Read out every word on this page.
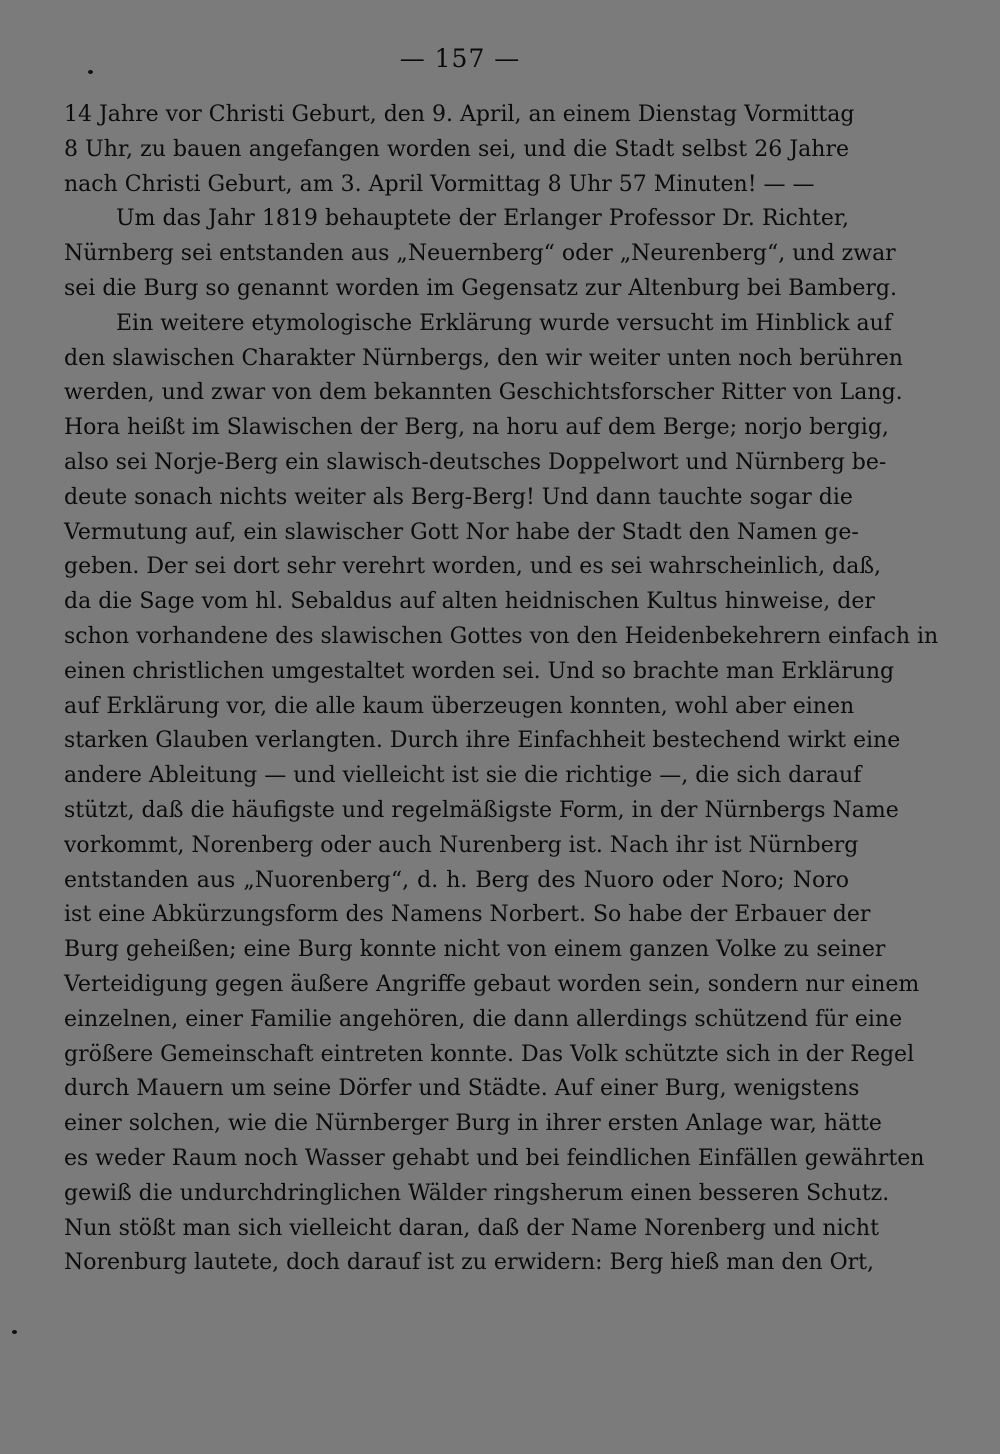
— 157 —
14 Jahre vor Christi Geburt, den 9. April, an einem Dienstag Vormittag
8 Uhr, zu bauen angefangen worden sei, und die Stadt selbst 26 Jahre
nach Christi Geburt, am 3. April Vormittag 8 Uhr 57 Minuten! — —
Um das Jahr 1819 behauptete der Erlanger Professor Dr. Richter,
Nürnberg sei entstanden aus „Neuernberg“ oder „Neurenberg“, und zwar
sei die Burg so genannt worden im Gegensatz zur Altenburg bei Bamberg.
Ein weitere etymologische Erklärung wurde versucht im Hinblick auf
den slawischen Charakter Nürnbergs, den wir weiter unten noch berühren
werden, und zwar von dem bekannten Geschichtsforscher Ritter von Lang.
Hora heißt im Slawischen der Berg, na horu auf dem Berge; norjo bergig,
also sei Norje-Berg ein slawisch-deutsches Doppelwort und Nürnberg be-
deute sonach nichts weiter als Berg-Berg! Und dann tauchte sogar die
Vermutung auf, ein slawischer Gott Nor habe der Stadt den Namen ge-
geben. Der sei dort sehr verehrt worden, und es sei wahrscheinlich, daß,
da die Sage vom hl. Sebaldus auf alten heidnischen Kultus hinweise, der
schon vorhandene des slawischen Gottes von den Heidenbekehrern einfach in
einen christlichen umgestaltet worden sei. Und so brachte man Erklärung
auf Erklärung vor, die alle kaum überzeugen konnten, wohl aber einen
starken Glauben verlangten. Durch ihre Einfachheit bestechend wirkt eine
andere Ableitung — und vielleicht ist sie die richtige —, die sich darauf
stützt, daß die häufigste und regelmäßigste Form, in der Nürnbergs Name
vorkommt, Norenberg oder auch Nurenberg ist. Nach ihr ist Nürnberg
entstanden aus „Nuorenberg“, d. h. Berg des Nuoro oder Noro; Noro
ist eine Abkürzungsform des Namens Norbert. So habe der Erbauer der
Burg geheißen; eine Burg konnte nicht von einem ganzen Volke zu seiner
Verteidigung gegen äußere Angriffe gebaut worden sein, sondern nur einem
einzelnen, einer Familie angehören, die dann allerdings schützend für eine
größere Gemeinschaft eintreten konnte. Das Volk schützte sich in der Regel
durch Mauern um seine Dörfer und Städte. Auf einer Burg, wenigstens
einer solchen, wie die Nürnberger Burg in ihrer ersten Anlage war, hätte
es weder Raum noch Wasser gehabt und bei feindlichen Einfällen gewährten
gewiß die undurchdringlichen Wälder ringsherum einen besseren Schutz.
Nun stößt man sich vielleicht daran, daß der Name Norenberg und nicht
Norenburg lautete, doch darauf ist zu erwidern: Berg hieß man den Ort,
